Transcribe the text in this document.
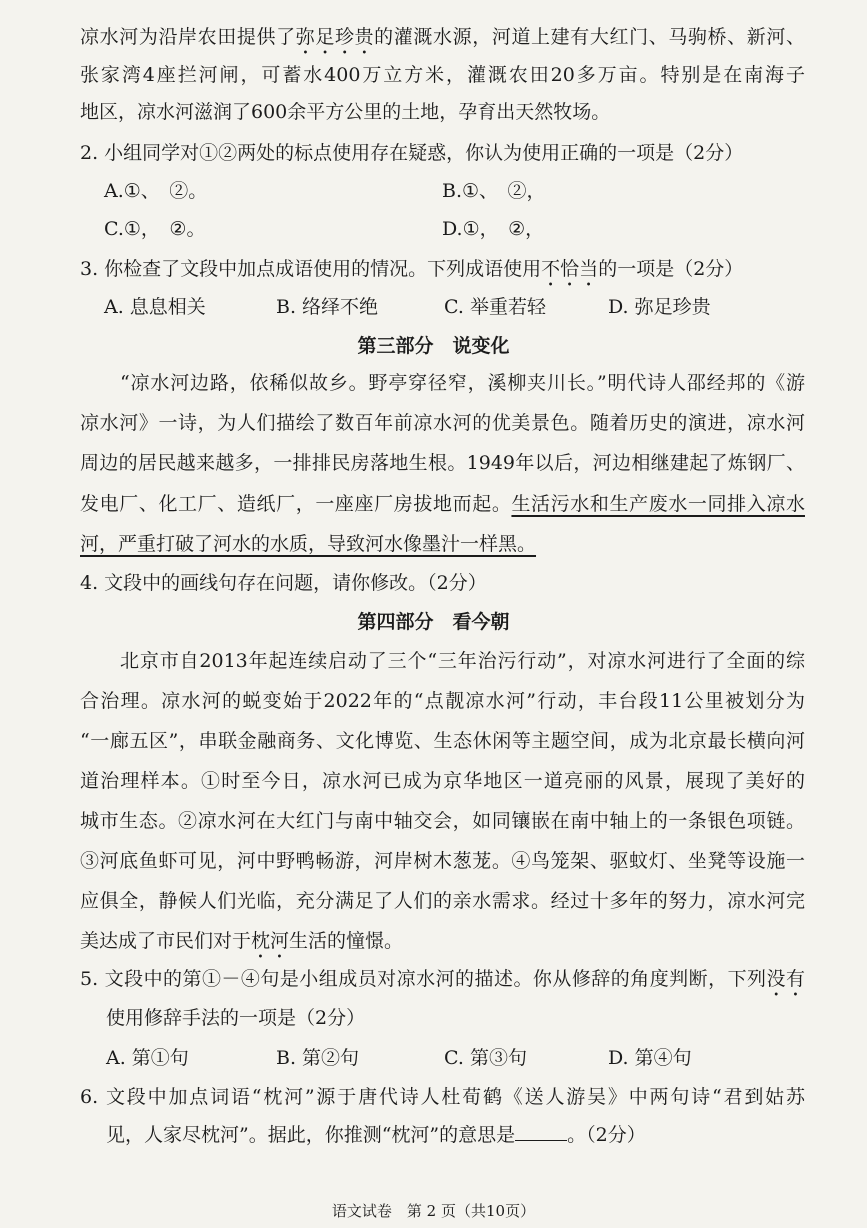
凉水河为沿岸农田提供了弥足珍贵的灌溉水源，河道上建有大红门、马驹桥、新河、
张家湾4座拦河闸，可蓄水400万立方米，灌溉农田20多万亩。特别是在南海子
地区，凉水河滋润了600余平方公里的土地，孕育出天然牧场。
2. 小组同学对①②两处的标点使用存在疑惑，你认为使用正确的一项是（2分）
A.①、　②。	B.①、　②，
C.①，　②。	D.①，　②，
3. 你检查了文段中加点成语使用的情况。下列成语使用不恰当的一项是（2分）
A. 息息相关	B. 络绎不绝	C. 举重若轻	D. 弥足珍贵
第三部分　说变化
“凉水河边路，依稀似故乡。野亭穿径窄，溪柳夹川长。”明代诗人邵经邦的《游
凉水河》一诗，为人们描绘了数百年前凉水河的优美景色。随着历史的演进，凉水河
周边的居民越来越多，一排排民房落地生根。1949年以后，河边相继建起了炼钢厂、
发电厂、化工厂、造纸厂，一座座厂房拔地而起。生活污水和生产废水一同排入凉水
河，严重打破了河水的水质，导致河水像墨汁一样黑。
4. 文段中的画线句存在问题，请你修改。（2分）
第四部分　看今朝
北京市自2013年起连续启动了三个“三年治污行动”，对凉水河进行了全面的综
合治理。凉水河的蜕变始于2022年的“点靓凉水河”行动，丰台段11公里被划分为
“一廊五区”，串联金融商务、文化博览、生态休闲等主题空间，成为北京最长横向河
道治理样本。①时至今日，凉水河已成为京华地区一道亮丽的风景，展现了美好的
城市生态。②凉水河在大红门与南中轴交会，如同镶嵌在南中轴上的一条银色项链。
③河底鱼虾可见，河中野鸭畅游，河岸树木葱茏。④鸟笼架、驱蚊灯、坐凳等设施一
应俱全，静候人们光临，充分满足了人们的亲水需求。经过十多年的努力，凉水河完
美达成了市民们对于枕河生活的憧憬。
5. 文段中的第①－④句是小组成员对凉水河的描述。你从修辞的角度判断，下列没有
使用修辞手法的一项是（2分）
A. 第①句	B. 第②句	C. 第③句	D. 第④句
6. 文段中加点词语“枕河”源于唐代诗人杜荀鹤《送人游吴》中两句诗“君到姑苏
见，人家尽枕河”。据此，你推测“枕河”的意思是	。（2分）
语文试卷　第 2 页（共10页）
